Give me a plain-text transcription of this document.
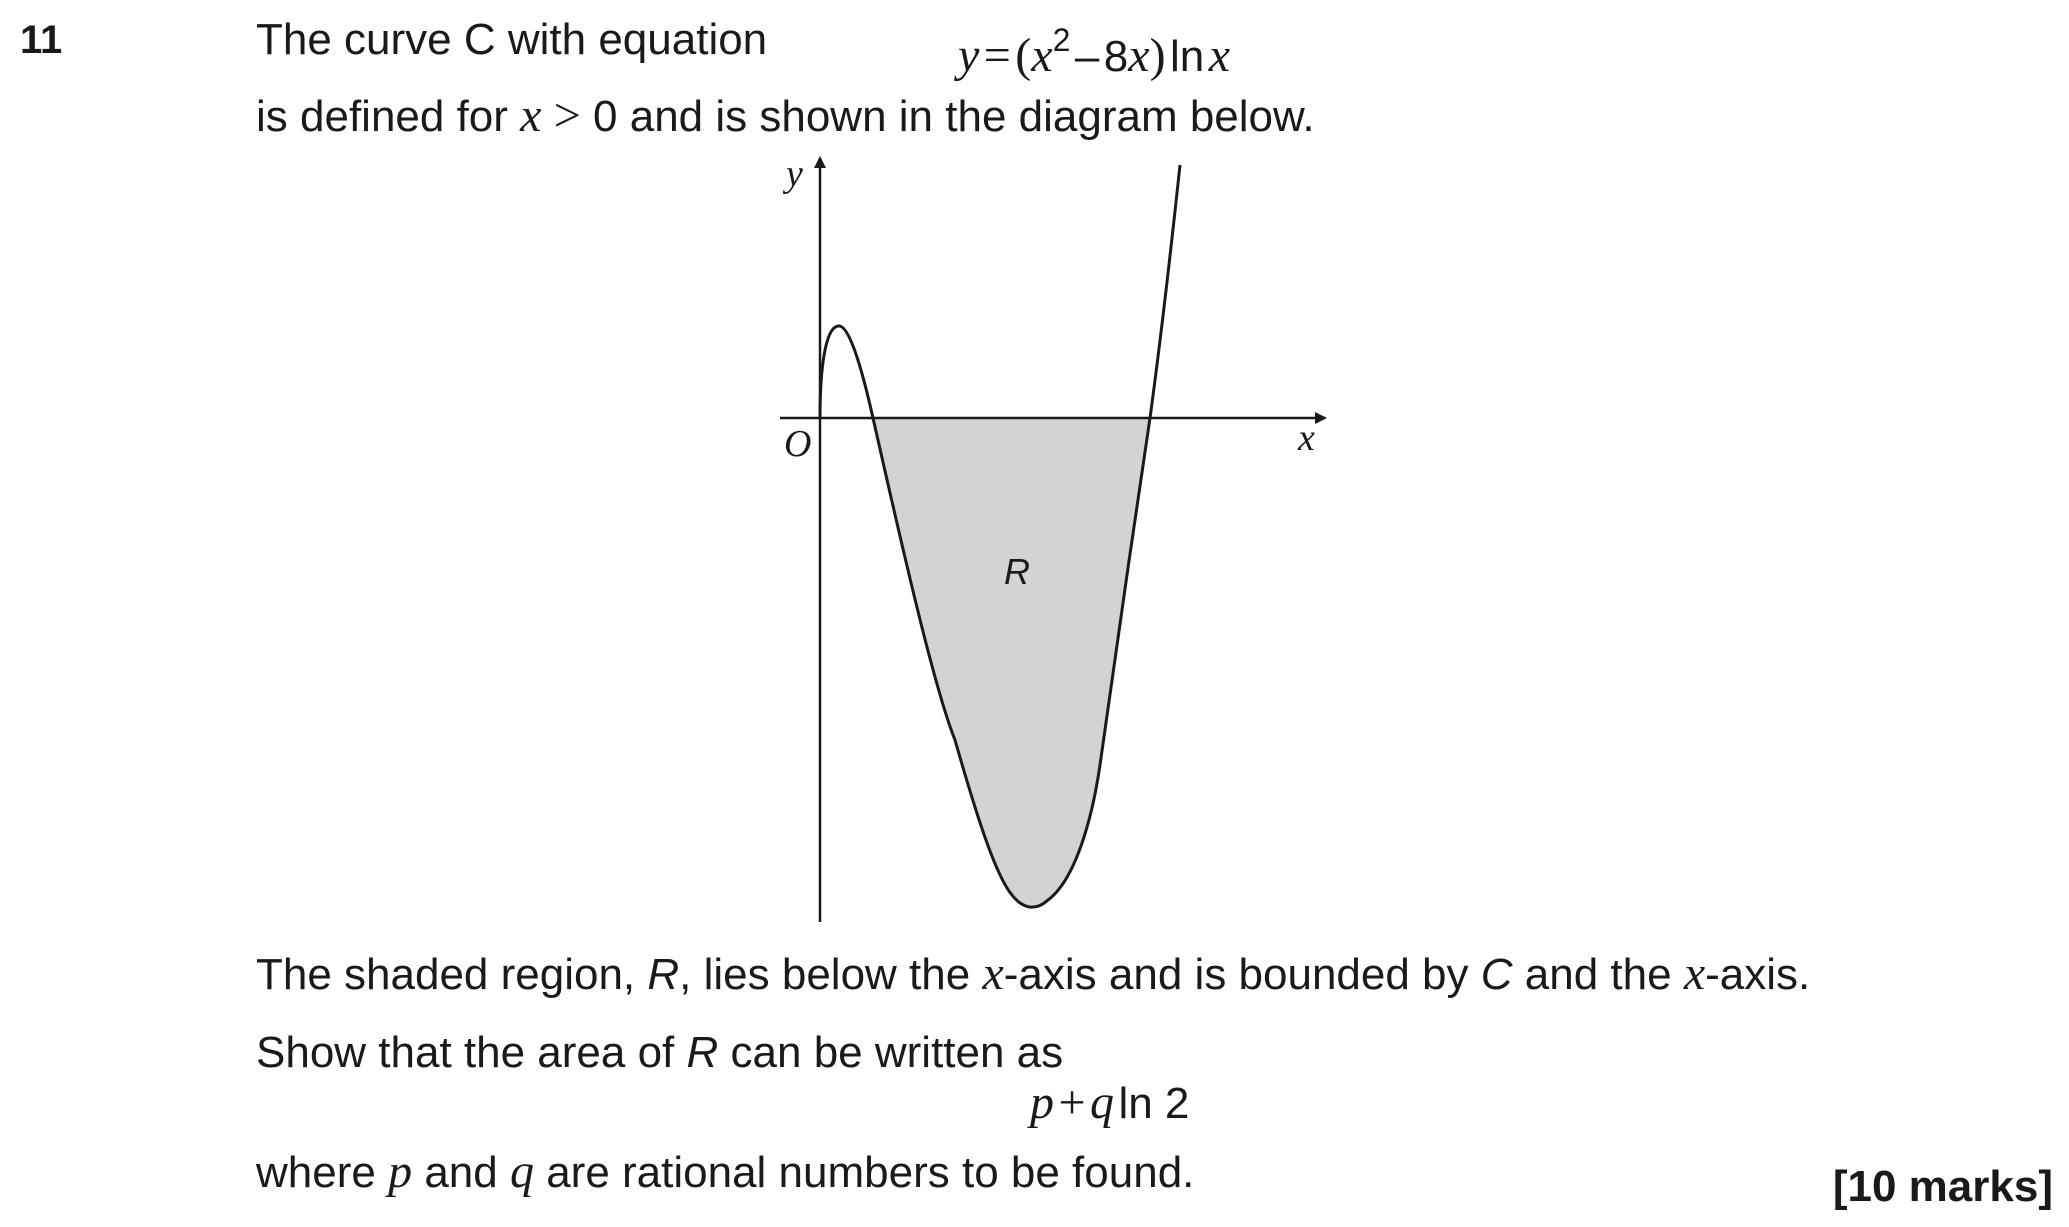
11	The curve C with equation	$y = (x^2 - 8x)$ ln x
is defined for x > 0 and is shown in the diagram below.
y
x
O
R
The shaded region, R, lies below the x-axis and is bounded by C and the x-axis.
Show that the area of R can be written as
p + q ln 2
where p and q are rational numbers to be found.	[10 marks]
